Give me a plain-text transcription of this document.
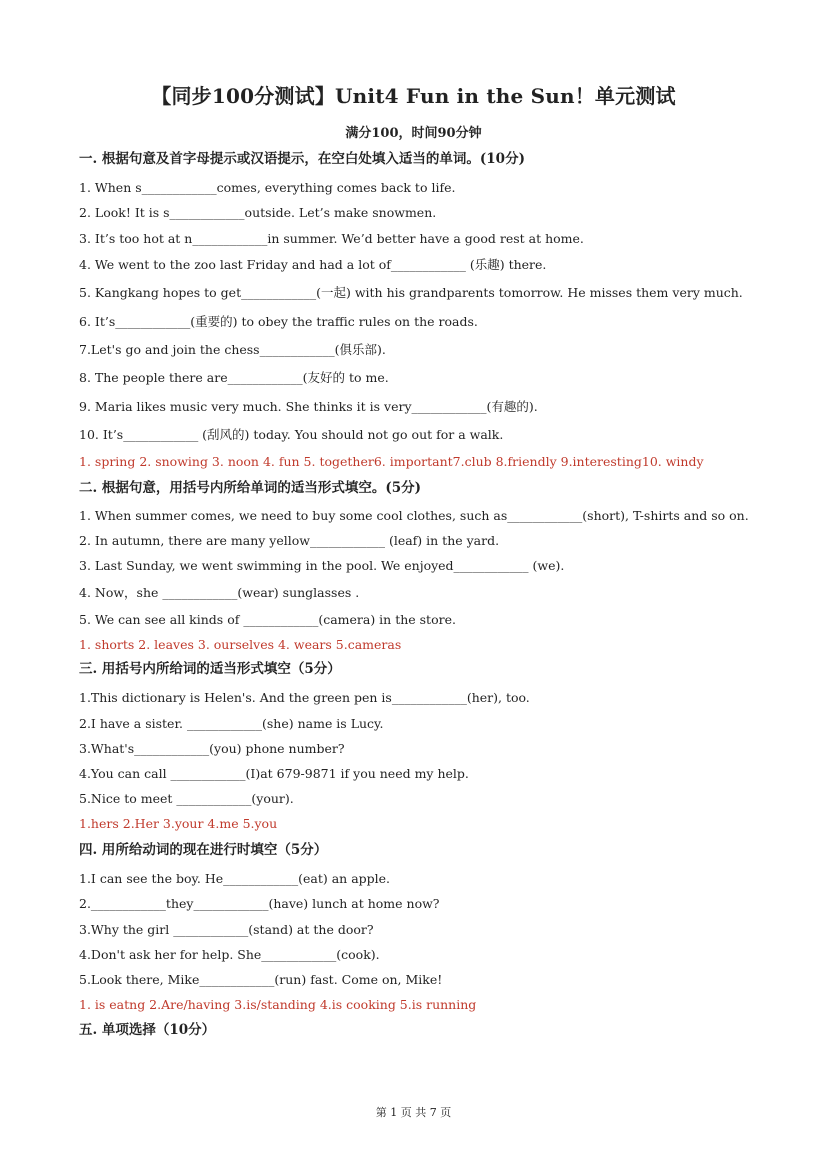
【同步100分测试】Unit4 Fun in the Sun！单元测试
满分100，时间90分钟
一. 根据句意及首字母提示或汉语提示，在空白处填入适当的单词。(10分)
1. When s____________comes, everything comes back to life.
2. Look! It is s____________outside. Let’s make snowmen.
3. It’s too hot at n____________in summer. We’d better have a good rest at home.
4. We went to the zoo last Friday and had a lot of____________ (乐趣) there.
5. Kangkang hopes to get____________(一起) with his grandparents tomorrow. He misses them very much.
6. It’s____________(重要的) to obey the traffic rules on the roads.
7.Let's go and join the chess____________(俱乐部).
8. The people there are____________(友好的 to me.
9. Maria likes music very much. She thinks it is very____________(有趣的).
10. It’s____________ (刮风的) today. You should not go out for a walk.
1. spring 2. snowing 3. noon 4. fun 5. together6. important7.club 8.friendly 9.interesting10. windy
二. 根据句意，用括号内所给单词的适当形式填空。(5分)
1. When summer comes, we need to buy some cool clothes, such as____________(short), T-shirts and so on.
2. In autumn, there are many yellow____________ (leaf) in the yard.
3. Last Sunday, we went swimming in the pool. We enjoyed____________ (we).
4. Now，she ____________(wear) sunglasses .
5. We can see all kinds of ____________(camera) in the store.
1. shorts 2. leaves 3. ourselves 4. wears 5.cameras
三. 用括号内所给词的适当形式填空（5分）
1.This dictionary is Helen's. And the green pen is____________(her), too.
2.I have a sister. ____________(she) name is Lucy.
3.What's____________(you) phone number?
4.You can call ____________(I)at 679-9871 if you need my help.
5.Nice to meet ____________(your).
1.hers 2.Her 3.your 4.me 5.you
四. 用所给动词的现在进行时填空（5分）
1.I can see the boy. He____________(eat) an apple.
2.____________they____________(have) lunch at home now?
3.Why the girl ____________(stand) at the door?
4.Don't ask her for help. She____________(cook).
5.Look there, Mike____________(run) fast. Come on, Mike!
1. is eatng 2.Are/having 3.is/standing 4.is cooking 5.is running
五. 单项选择（10分）
第 1 页 共 7 页
